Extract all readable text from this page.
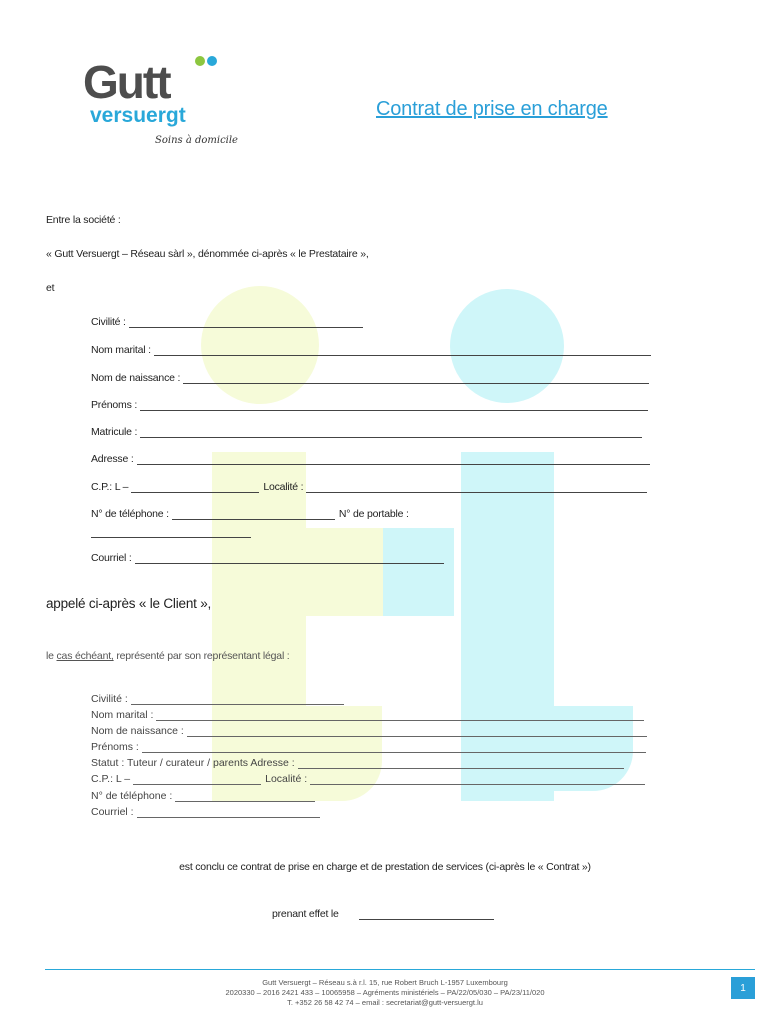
Gutt
versuergt
Soins à domicile
Contrat de prise en charge
Entre la société :
« Gutt Versuergt – Réseau sàrl », dénommée ci-après « le Prestataire »,
et
Civilité :
Nom marital :
Nom de naissance :
Prénoms :
Matricule :
Adresse :
C.P.: L –	Localité :
N° de téléphone :	N° de portable :
Courriel :
appelé ci-après « le Client »,
le cas échéant, représenté par son représentant légal :
Civilité :
Nom marital :
Nom de naissance :
Prénoms :
Statut : Tuteur / curateur / parents Adresse :
C.P.: L –	Localité :
N° de téléphone :
Courriel :
est conclu ce contrat de prise en charge et de prestation de services (ci-après le « Contrat »)
prenant effet le
Gutt Versuergt – Réseau s.à r.l. 15, rue Robert Bruch L-1957 Luxembourg
2020330 – 2016 2421 433 – 10065958 – Agréments ministériels – PA/22/05/030 – PA/23/11/020
T. +352 26 58 42 74 – email : secretariat@gutt-versuergt.lu
1
